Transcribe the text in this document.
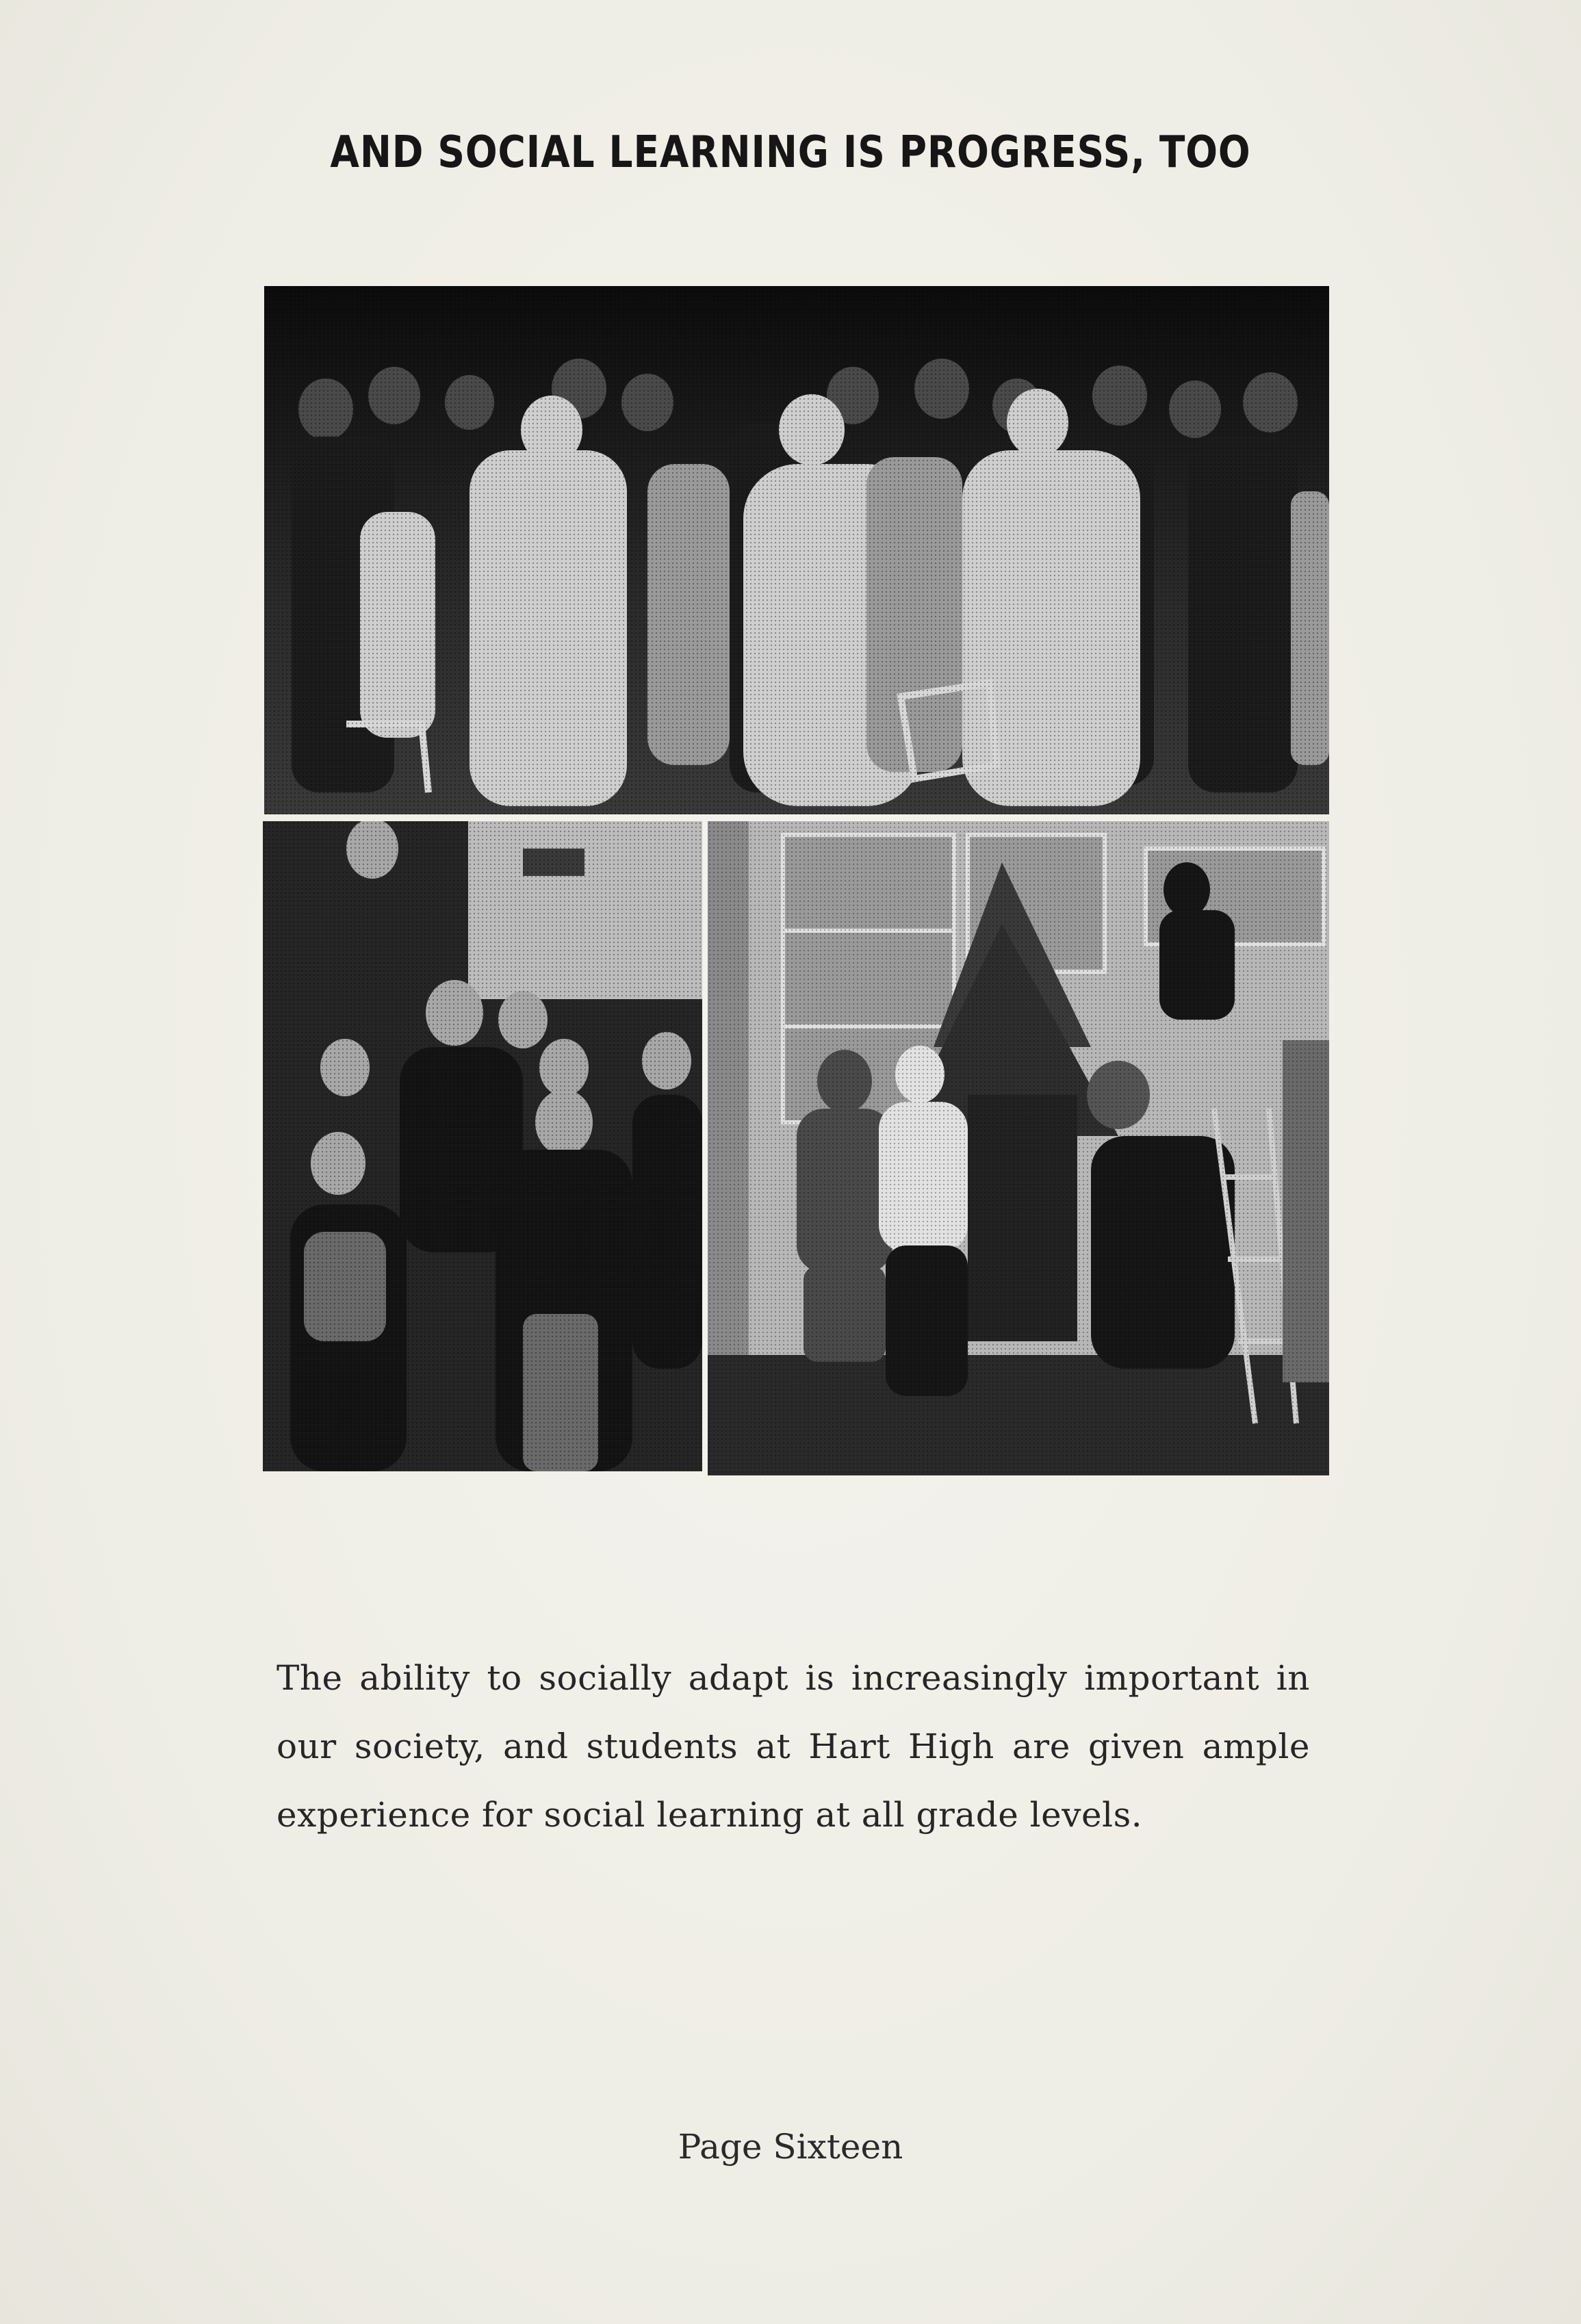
AND SOCIAL LEARNING IS PROGRESS, TOO
The ability to socially adapt is increasingly important in our society, and students at Hart High are given ample experience for social learning at all grade levels.
Page Sixteen
